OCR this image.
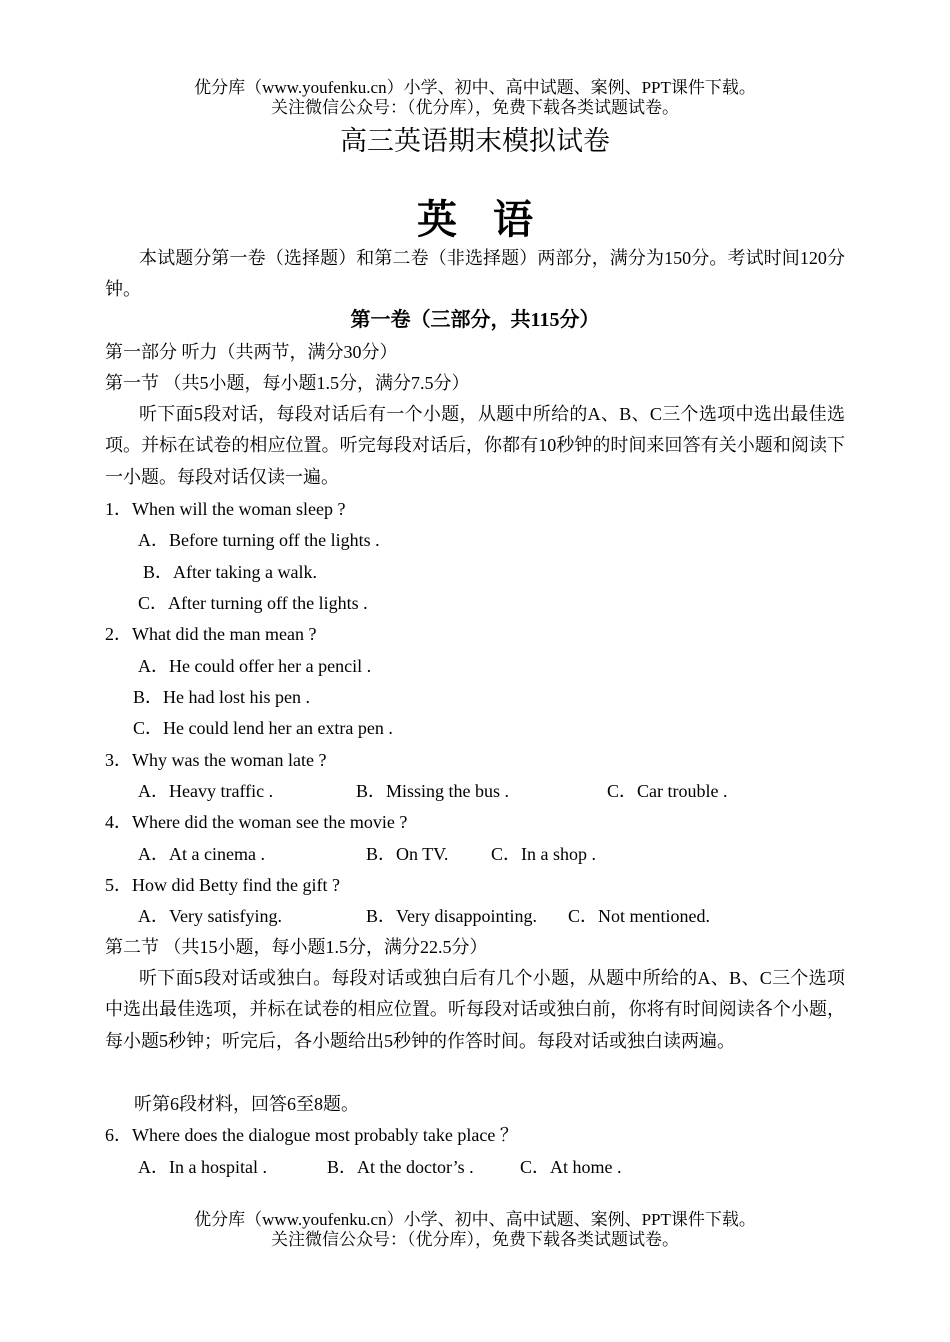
优分库（www.youfenku.cn）小学、初中、高中试题、案例、PPT课件下载。
关注微信公众号：（优分库），免费下载各类试题试卷。
高三英语期末模拟试卷
英语
本试题分第一卷（选择题）和第二卷（非选择题）两部分，满分为150分。考试时间120分钟。
第一卷（三部分，共115分）
第一部分 听力（共两节，满分30分）
第一节 （共5小题，每小题1.5分，满分7.5分）
听下面5段对话，每段对话后有一个小题，从题中所给的A、B、C三个选项中选出最佳选项。并标在试卷的相应位置。听完每段对话后，你都有10秒钟的时间来回答有关小题和阅读下一小题。每段对话仅读一遍。
1．When will the woman sleep ?
A．Before turning off the lights .
B．After taking a walk.
C．After turning off the lights .
2．What did the man mean ?
A．He could offer her a pencil .
B．He had lost his pen .
C．He could lend her an extra pen .
3．Why was the woman late ?
A．Heavy traffic .	B．Missing the bus .	C．Car trouble .
4．Where did the woman see the movie ?
A．At a cinema .	B．On TV. C．In a shop .
5．How did Betty find the gift ?
A．Very satisfying.	B．Very disappointing. C．Not mentioned.
第二节 （共15小题，每小题1.5分，满分22.5分）
听下面5段对话或独白。每段对话或独白后有几个小题，从题中所给的A、B、C三个选项中选出最佳选项，并标在试卷的相应位置。听每段对话或独白前，你将有时间阅读各个小题，每小题5秒钟；听完后，各小题给出5秒钟的作答时间。每段对话或独白读两遍。
听第6段材料，回答6至8题。
6．Where does the dialogue most probably take place ？
A．In a hospital .	B．At the doctor’s .	C．At home .
优分库（www.youfenku.cn）小学、初中、高中试题、案例、PPT课件下载。
关注微信公众号：（优分库），免费下载各类试题试卷。
